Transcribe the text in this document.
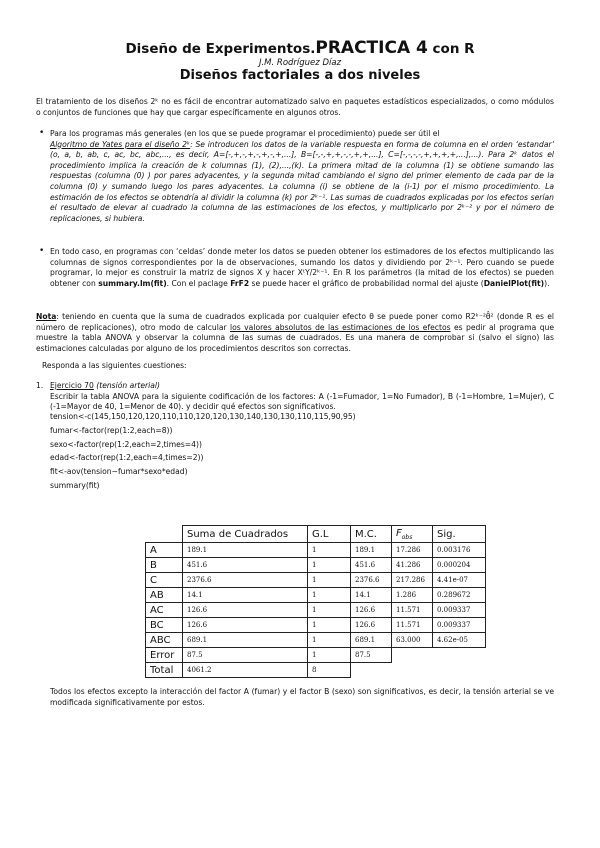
Diseño de Experimentos.PRACTICA 4 con R
J.M. Rodríguez Díaz
Diseños factoriales a dos niveles

El tratamiento de los diseños 2ᵏ no es fácil de encontrar automatizado salvo en paquetes estadísticos especializados, o como módulos o conjuntos de funciones que hay que cargar específicamente en algunos otros.

• Para los programas más generales (en los que se puede programar el procedimiento) puede ser útil el
Algoritmo de Yates para el diseño 2ᵏ: Se introducen los datos de la variable respuesta en forma de columna en el orden ‘estandar’ (o, a, b, ab, c, ac, bc, abc,..., es decir, A=[-,+,-,+,-,+,-,+,...], B=[-,-,+,+,-,-,+,+,...], C=[-,-,-,-,+,+,+,+,...],...). Para 2ᵏ datos el procedimiento implica la creación de k columnas (1), (2),...,(k). La primera mitad de la columna (1) se obtiene sumando las respuestas (columna (0) ) por pares adyacentes, y la segunda mitad cambiando el signo del primer elemento de cada par de la columna (0) y sumando luego los pares adyacentes. La columna (i) se obtiene de la (i-1) por el mismo procedimiento. La estimación de los efectos se obtendría al dividir la columna (k) por 2ᵏ⁻¹. Las sumas de cuadrados explicadas por los efectos serían el resultado de elevar al cuadrado la columna de las estimaciones de los efectos, y multiplicarlo por 2ᵏ⁻² y por el número de replicaciones, si hubiera.

• En todo caso, en programas con ‘celdas’ donde meter los datos se pueden obtener los estimadores de los efectos multiplicando las columnas de signos correspondientes por la de observaciones, sumando los datos y dividiendo por 2ᵏ⁻¹. Pero cuando se puede programar, lo mejor es construir la matriz de signos X y hacer XᵗY/2ᵏ⁻¹. En R los parámetros (la mitad de los efectos) se pueden obtener con summary.lm(fit). Con el paclage FrF2 se puede hacer el gráfico de probabilidad normal del ajuste (DanielPlot(fit)).

Nota: teniendo en cuenta que la suma de cuadrados explicada por cualquier efecto θ se puede poner como R2ᵏ⁻²θ̂² (donde R es el número de replicaciones), otro modo de calcular los valores absolutos de las estimaciones de los efectos es pedir al programa que muestre la tabla ANOVA y observar la columna de las sumas de cuadrados. Es una manera de comprobar si (salvo el signo) las estimaciones calculadas por alguno de los procedimientos descritos son correctas.

Responda a las siguientes cuestiones:

1. Ejercicio 70 (tensión arterial)
Escribir la tabla ANOVA para la siguiente codificación de los factores: A (-1=Fumador, 1=No Fumador), B (-1=Hombre, 1=Mujer), C (-1=Mayor de 40, 1=Menor de 40). y decidir qué efectos son significativos.

tension<-c(145,150,120,120,110,110,120,120,130,140,130,130,110,115,90,95)
fumar<-factor(rep(1:2,each=8))
sexo<-factor(rep(1:2,each=2,times=4))
edad<-factor(rep(1:2,each=4,times=2))
fit<-aov(tension~fumar*sexo*edad)
summary(fit)
	Suma de Cuadrados	G.L	M.C.	$F_{obs}$	Sig.
A	189.1	1	189.1	17.286	0.003176
B	451.6	1	451.6	41.286	0.000204
C	2376.6	1	2376.6	217.286	4.41e-07
AB	14.1	1	14.1	1.286	0.289672
AC	126.6	1	126.6	11.571	0.009337
BC	126.6	1	126.6	11.571	0.009337
ABC	689.1	1	689.1	63.000	4.62e-05
Error	87.5	1	87.5		
Total	4061.2	8			

Todos los efectos excepto la interacción del factor A (fumar) y el factor B (sexo) son significativos, es decir, la tensión arterial se ve modificada significativamente por estos.
